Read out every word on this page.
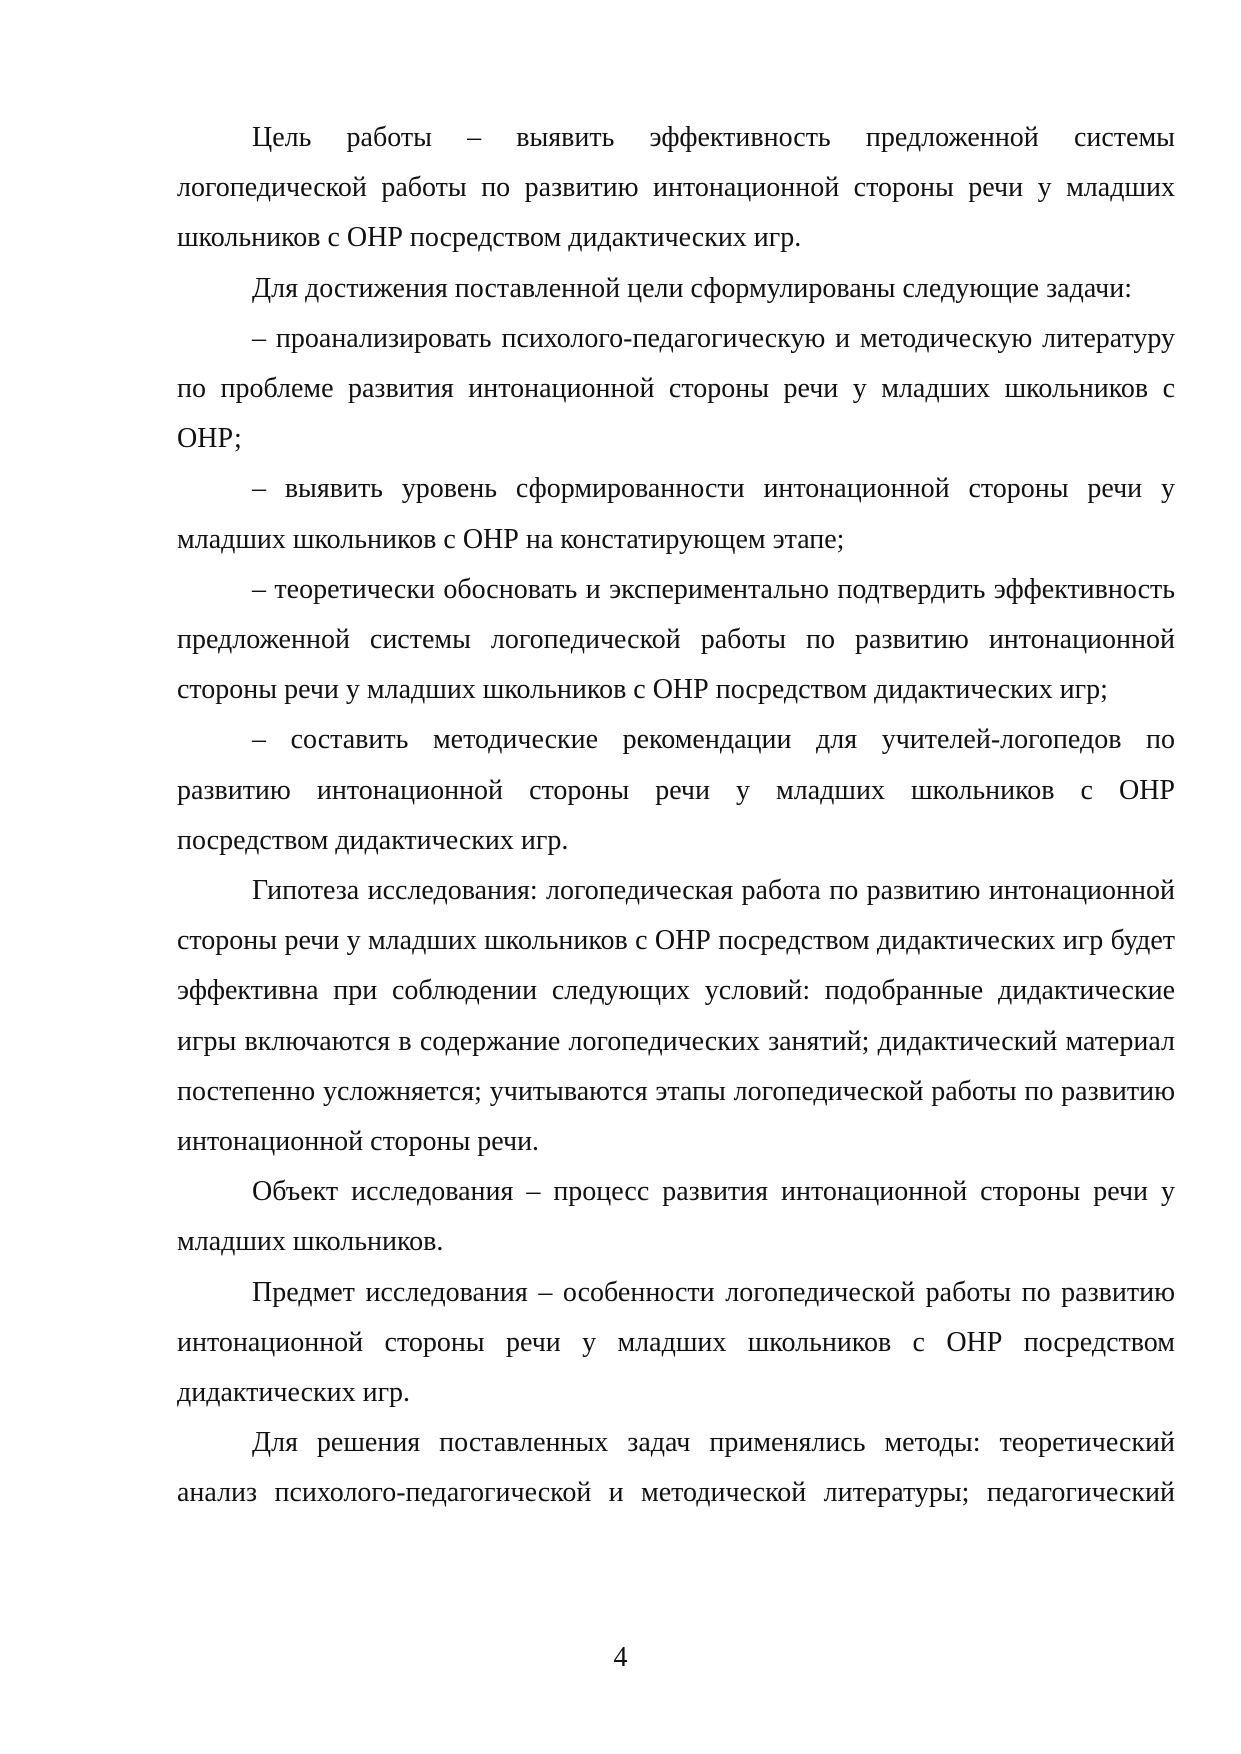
Цель работы – выявить эффективность предложенной системы логопедической работы по развитию интонационной стороны речи у младших школьников с ОНР посредством дидактических игр.

Для достижения поставленной цели сформулированы следующие задачи:

– проанализировать психолого-педагогическую и методическую литературу по проблеме развития интонационной стороны речи у младших школьников с ОНР;

– выявить уровень сформированности интонационной стороны речи у младших школьников с ОНР на констатирующем этапе;

– теоретически обосновать и экспериментально подтвердить эффективность предложенной системы логопедической работы по развитию интонационной стороны речи у младших школьников с ОНР посредством дидактических игр;

– составить методические рекомендации для учителей-логопедов по развитию интонационной стороны речи у младших школьников с ОНР посредством дидактических игр.

Гипотеза исследования: логопедическая работа по развитию интонационной стороны речи у младших школьников с ОНР посредством дидактических игр будет эффективна при соблюдении следующих условий: подобранные дидактические игры включаются в содержание логопедических занятий; дидактический материал постепенно усложняется; учитываются этапы логопедической работы по развитию интонационной стороны речи.

Объект исследования – процесс развития интонационной стороны речи у младших школьников.

Предмет исследования – особенности логопедической работы по развитию интонационной стороны речи у младших школьников с ОНР посредством дидактических игр.

Для решения поставленных задач применялись методы: теоретический анализ психолого-педагогической и методической литературы; педагогический

4
